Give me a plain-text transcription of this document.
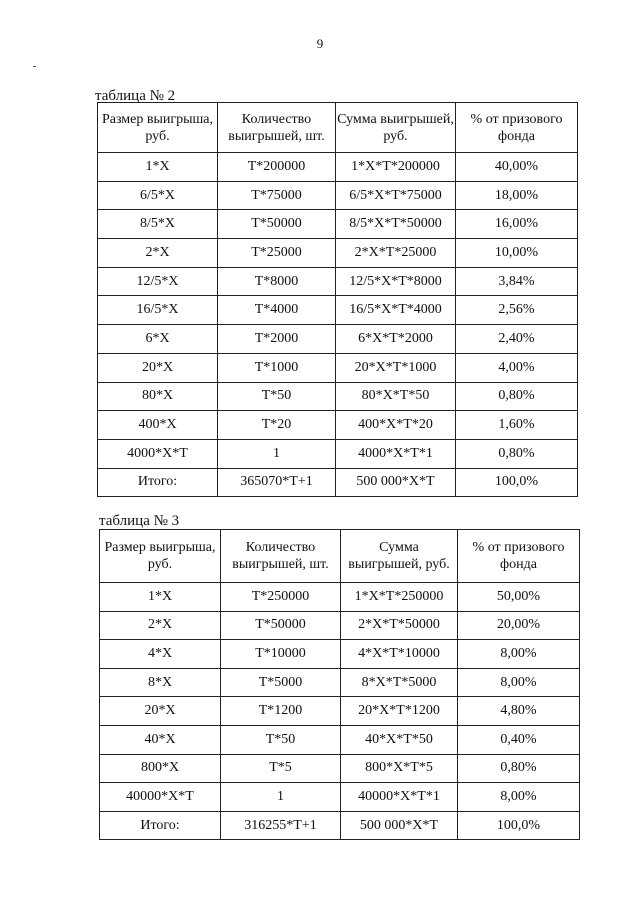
9
таблица № 2
Размер выигрыша, руб.	Количество выигрышей, шт.	Сумма выигрышей, руб.	% от призового фонда
1*X	T*200000	1*X*T*200000	40,00%
6/5*X	T*75000	6/5*X*T*75000	18,00%
8/5*X	T*50000	8/5*X*T*50000	16,00%
2*X	T*25000	2*X*T*25000	10,00%
12/5*X	T*8000	12/5*X*T*8000	3,84%
16/5*X	T*4000	16/5*X*T*4000	2,56%
6*X	T*2000	6*X*T*2000	2,40%
20*X	T*1000	20*X*T*1000	4,00%
80*X	T*50	80*X*T*50	0,80%
400*X	T*20	400*X*T*20	1,60%
4000*X*T	1	4000*X*T*1	0,80%
Итого:	365070*T+1	500 000*X*T	100,0%
таблица № 3
Размер выигрыша, руб.	Количество выигрышей, шт.	Сумма выигрышей, руб.	% от призового фонда
1*X	T*250000	1*X*T*250000	50,00%
2*X	T*50000	2*X*T*50000	20,00%
4*X	T*10000	4*X*T*10000	8,00%
8*X	T*5000	8*X*T*5000	8,00%
20*X	T*1200	20*X*T*1200	4,80%
40*X	T*50	40*X*T*50	0,40%
800*X	T*5	800*X*T*5	0,80%
40000*X*T	1	40000*X*T*1	8,00%
Итого:	316255*T+1	500 000*X*T	100,0%
